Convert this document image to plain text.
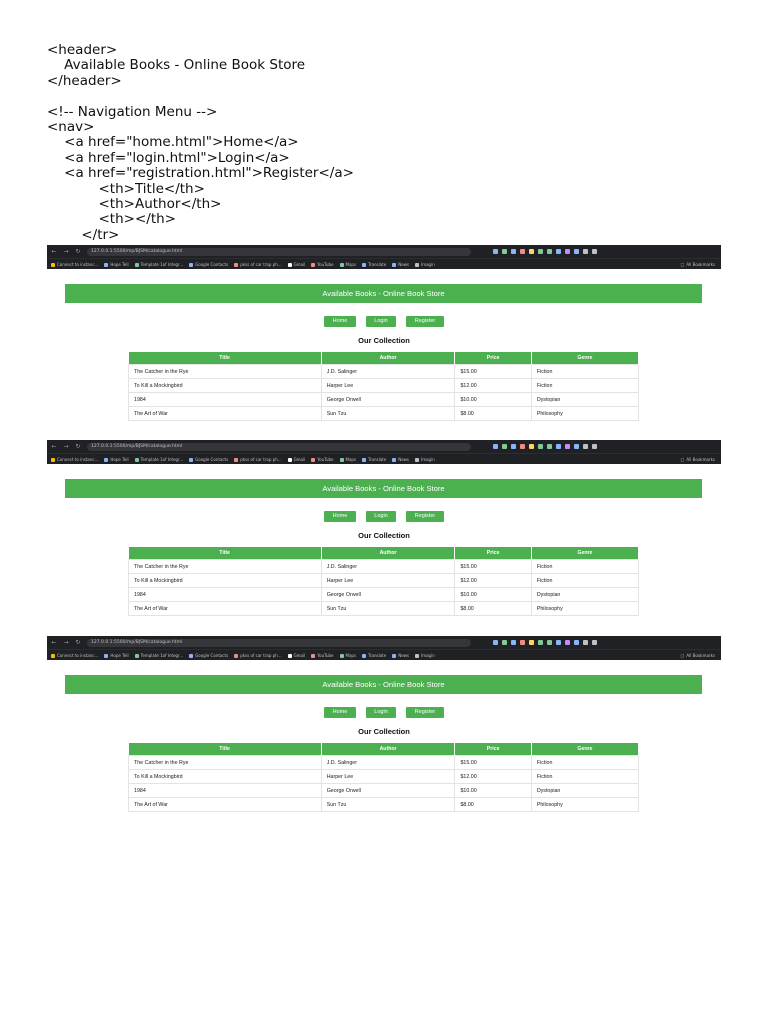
<header>
Available Books - Online Book Store
</header>
<!-- Navigation Menu -->
<nav>
<a href="home.html">Home</a>
<a href="login.html">Login</a>
<a href="registration.html">Register</a>
<th>Title</th>
<th>Author</th>
<th></th>
</tr>
← → ↻	127.0.0.1:5500/mp/BJSM/catalogue.html
Connect to instanc...	Hope Tell	Template 1of Integr...	Google Contacts	pkss of car trap ph...	Gmail	YouTube	Maps	Translate	News	Imagin	□ All Bookmarks
Available Books - Online Book Store
Home	Login	Register
Our Collection
Title	Author	Price	Genre
The Catcher in the Rye	J.D. Salinger	$15.00	Fiction
To Kill a Mockingbird	Harper Lee	$12.00	Fiction
1984	George Orwell	$10.00	Dystopian
The Art of War	Sun Tzu	$8.00	Philosophy
← → ↻	127.0.0.1:5500/mp/BJSM/catalogue.html
Connect to instanc...	Hope Tell	Template 1of Integr...	Google Contacts	pkss of car trap ph...	Gmail	YouTube	Maps	Translate	News	Imagin	□ All Bookmarks
Available Books - Online Book Store
Home	Login	Register
Our Collection
Title	Author	Price	Genre
The Catcher in the Rye	J.D. Salinger	$15.00	Fiction
To Kill a Mockingbird	Harper Lee	$12.00	Fiction
1984	George Orwell	$10.00	Dystopian
The Art of War	Sun Tzu	$8.00	Philosophy
← → ↻	127.0.0.1:5500/mp/BJSM/catalogue.html
Connect to instanc...	Hope Tell	Template 1of Integr...	Google Contacts	pkss of car trap ph...	Gmail	YouTube	Maps	Translate	News	Imagin	□ All Bookmarks
Available Books - Online Book Store
Home	Login	Register
Our Collection
Title	Author	Price	Genre
The Catcher in the Rye	J.D. Salinger	$15.00	Fiction
To Kill a Mockingbird	Harper Lee	$12.00	Fiction
1984	George Orwell	$10.00	Dystopian
The Art of War	Sun Tzu	$8.00	Philosophy
